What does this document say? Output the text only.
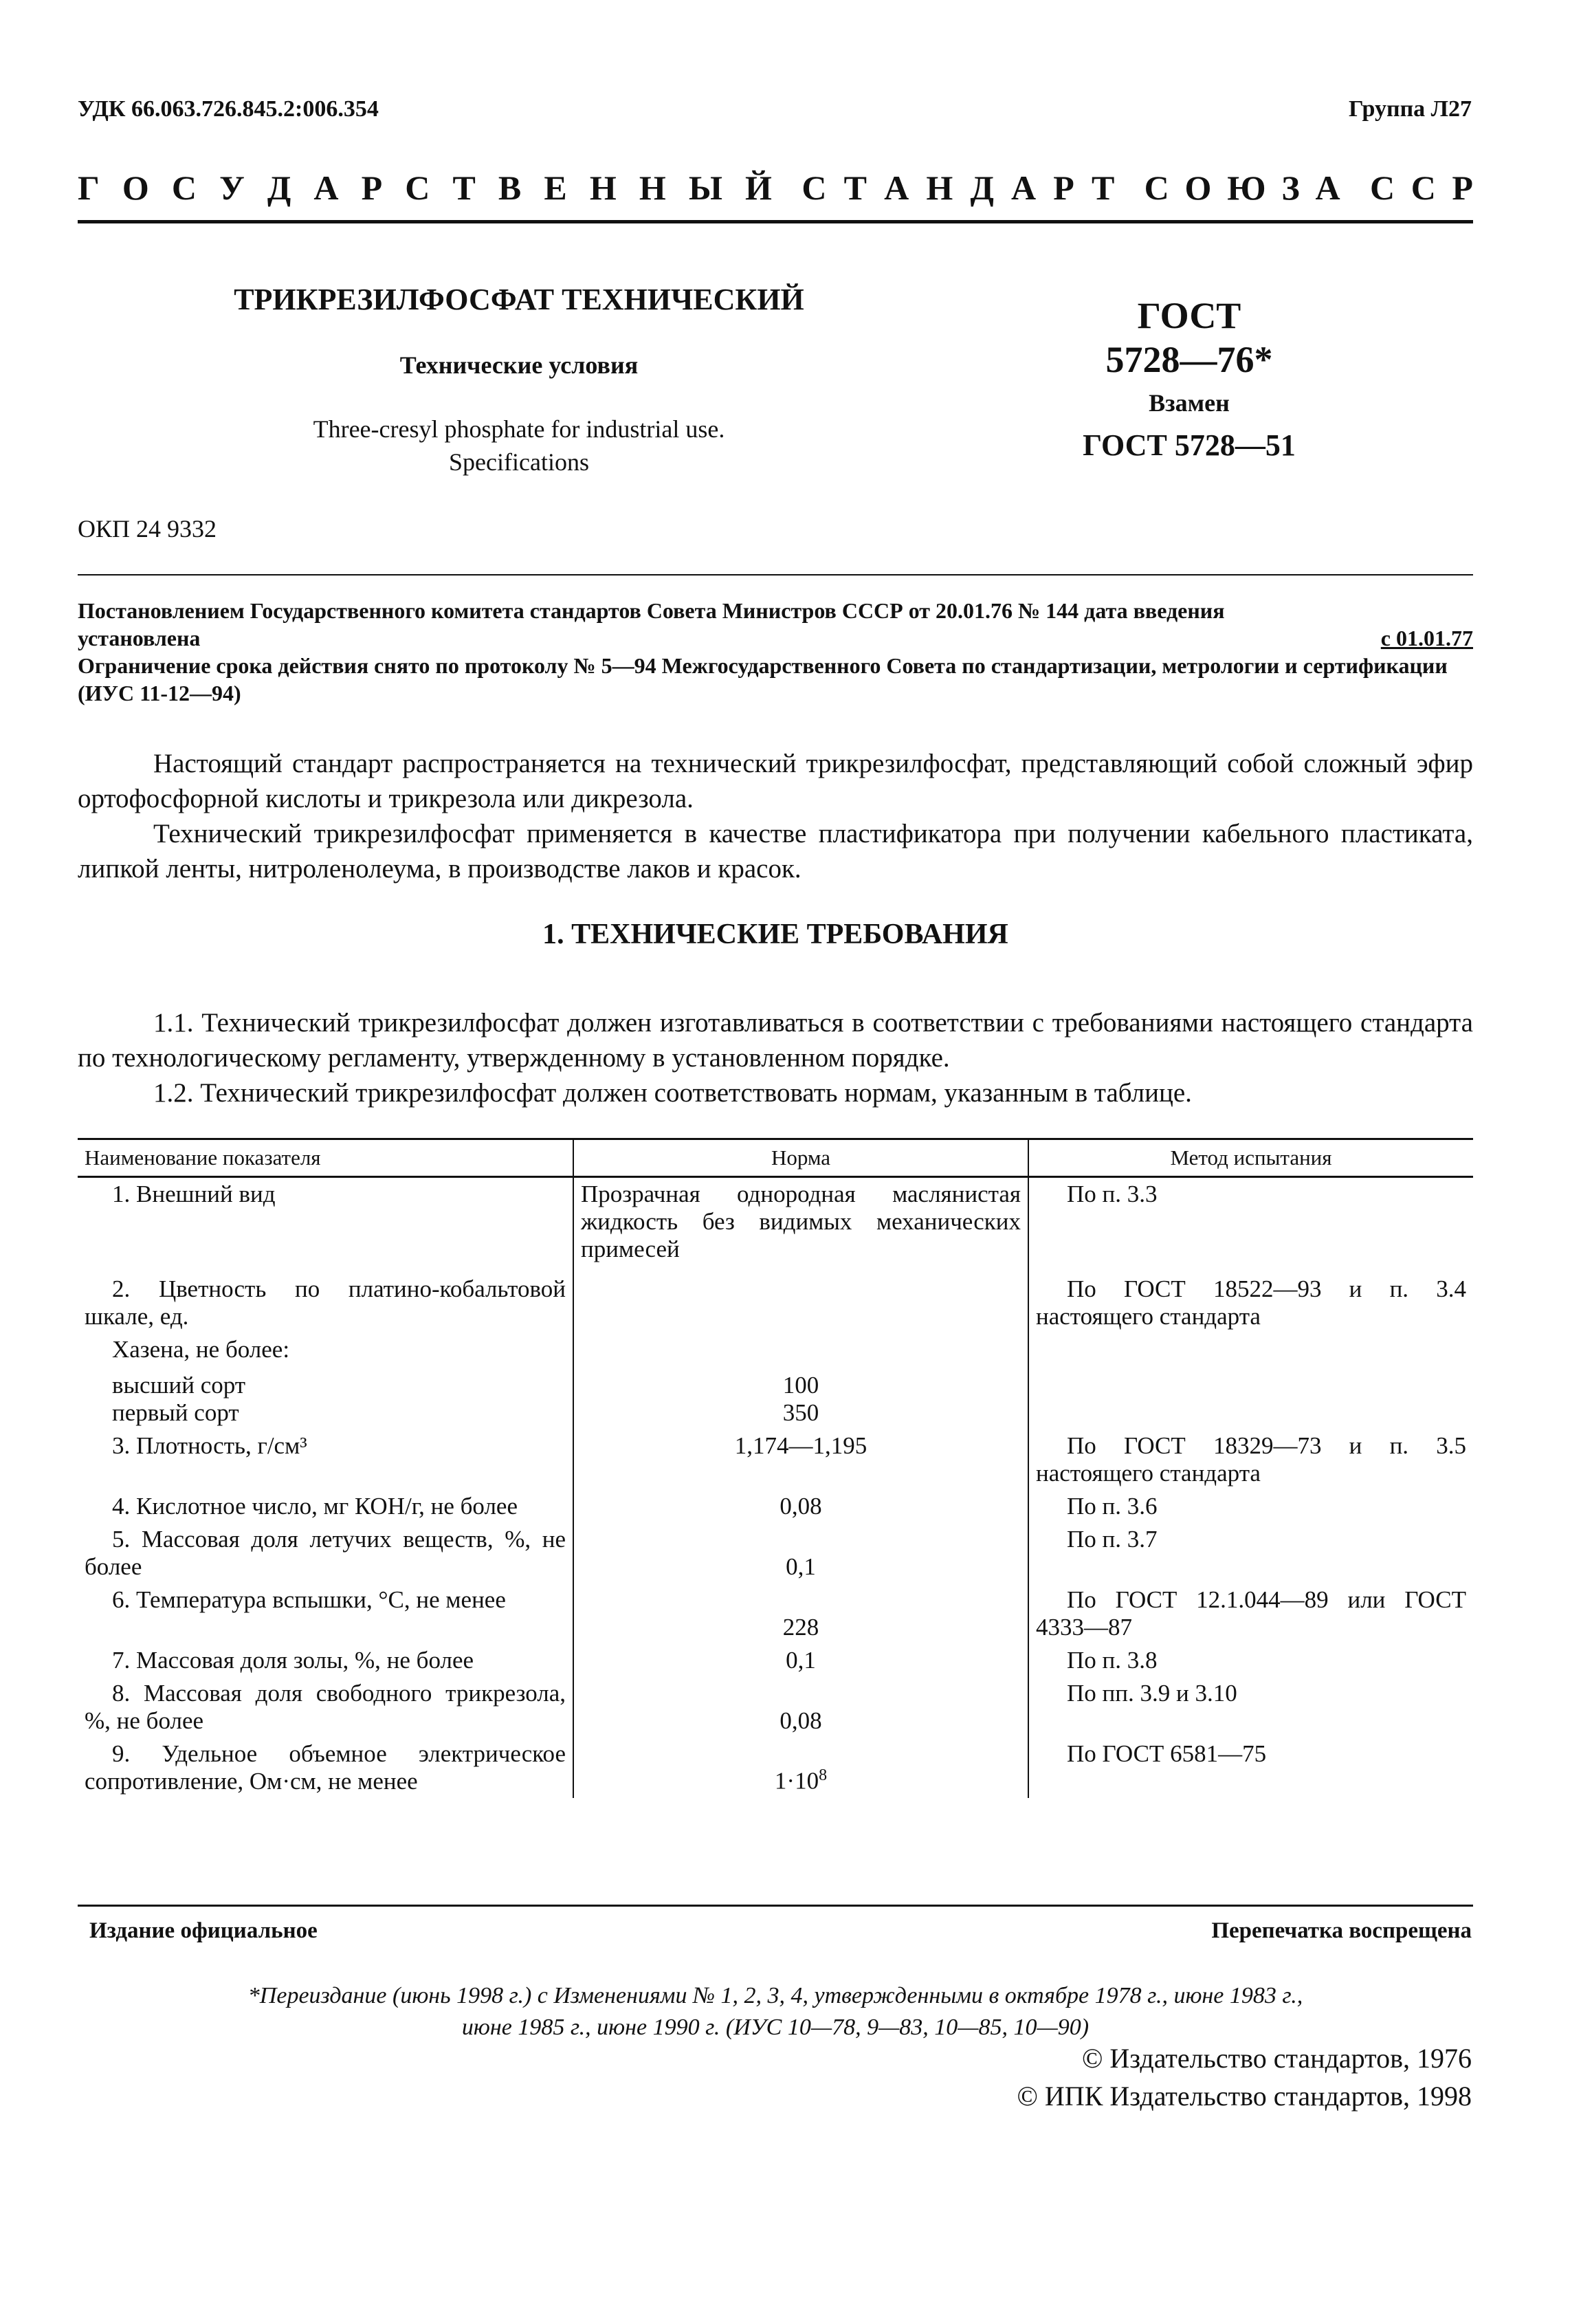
УДК 66.063.726.845.2:006.354	Группа Л27
Г О С У Д А Р С Т В Е Н Н Ы Й С Т А Н Д А Р Т С О Ю З А С С Р
ТРИКРЕЗИЛФОСФАТ ТЕХНИЧЕСКИЙ
Технические условия
Three-cresyl phosphate for industrial use.
Specifications
ГОСТ
5728—76*
Взамен
ГОСТ 5728—51
ОКП 24 9332
Постановлением Государственного комитета стандартов Совета Министров СССР от 20.01.76 № 144 дата введения
установлена	с 01.01.77
Ограничение срока действия снято по протоколу № 5—94 Межгосударственного Совета по стандартизации, метрологии и сертификации (ИУС 11-12—94)
Настоящий стандарт распространяется на технический трикрезилфосфат, представляющий собой сложный эфир ортофосфорной кислоты и трикрезола или дикрезола.
Технический трикрезилфосфат применяется в качестве пластификатора при получении кабельного пластиката, липкой ленты, нитроленолеума, в производстве лаков и красок.
1. ТЕХНИЧЕСКИЕ ТРЕБОВАНИЯ
1.1. Технический трикрезилфосфат должен изготавливаться в соответствии с требованиями настоящего стандарта по технологическому регламенту, утвержденному в установленном порядке.
1.2. Технический трикрезилфосфат должен соответствовать нормам, указанным в таблице.
Наименование показателя	Норма	Метод испытания
1. Внешний вид	Прозрачная однородная маслянистая жидкость без видимых механических примесей	По п. 3.3
2. Цветность по платино-кобальтовой шкале, ед.		По ГОСТ 18522—93 и п. 3.4 настоящего стандарта
Хазена, не более:		
высший сорт	100	
первый сорт	350	
3. Плотность, г/см³	1,174—1,195	По ГОСТ 18329—73 и п. 3.5 настоящего стандарта
4. Кислотное число, мг КОН/г, не более	0,08	По п. 3.6
5. Массовая доля летучих веществ, %, не более	0,1	По п. 3.7
6. Температура вспышки, °С, не менее	228	По ГОСТ 12.1.044—89 или ГОСТ 4333—87
7. Массовая доля золы, %, не более	0,1	По п. 3.8
8. Массовая доля свободного трикрезола, %, не более	0,08	По пп. 3.9 и 3.10
9. Удельное объемное электрическое сопротивление, Ом·см, не менее	$1\cdot 10^8$	По ГОСТ 6581—75
Издание официальное	Перепечатка воспрещена
*Переиздание (июнь 1998 г.) с Изменениями № 1, 2, 3, 4, утвержденными в октябре 1978 г., июне 1983 г.,
июне 1985 г., июне 1990 г. (ИУС 10—78, 9—83, 10—85, 10—90)
© Издательство стандартов, 1976
© ИПК Издательство стандартов, 1998
